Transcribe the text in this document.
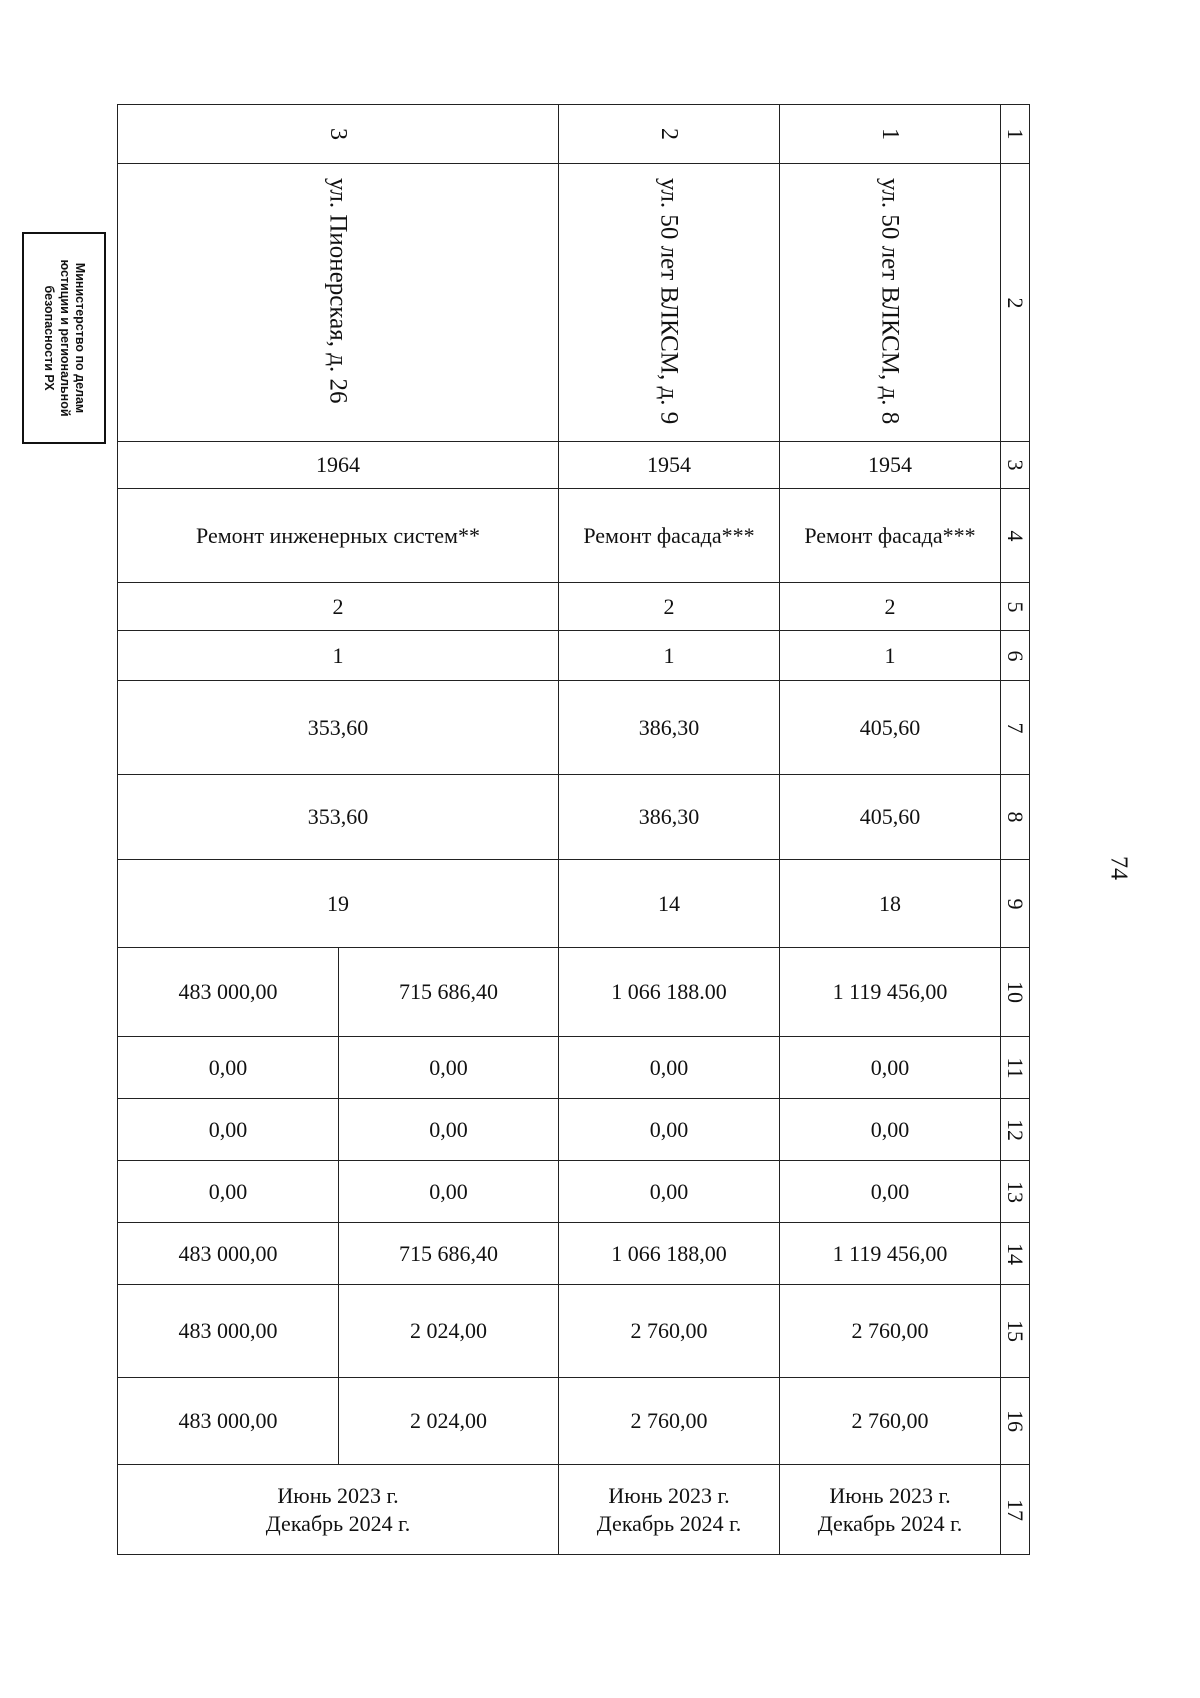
Министерство по делам
юстиции и региональной
безопасности РХ
74
1
2
3
4
5
6
7
8
9
10
11
12
13
14
15
16
17
1
ул. 50 лет ВЛКСМ, д. 8
1954
Ремонт фасада***
2
1
405,60
405,60
18
1 119 456,00
0,00
0,00
0,00
1 119 456,00
2 760,00
2 760,00
Июнь 2023 г.
Декабрь 2024 г.
2
ул. 50 лет ВЛКСМ, д. 9
1954
Ремонт фасада***
2
1
386,30
386,30
14
1 066 188.00
0,00
0,00
0,00
1 066 188,00
2 760,00
2 760,00
Июнь 2023 г.
Декабрь 2024 г.
3
ул. Пионерская, д. 26
1964
Ремонт инженерных систем**
2
1
353,60
353,60
19
715 686,40
483 000,00
0,00
0,00
0,00
0,00
0,00
0,00
715 686,40
483 000,00
2 024,00
483 000,00
2 024,00
483 000,00
Июнь 2023 г.
Декабрь 2024 г.
